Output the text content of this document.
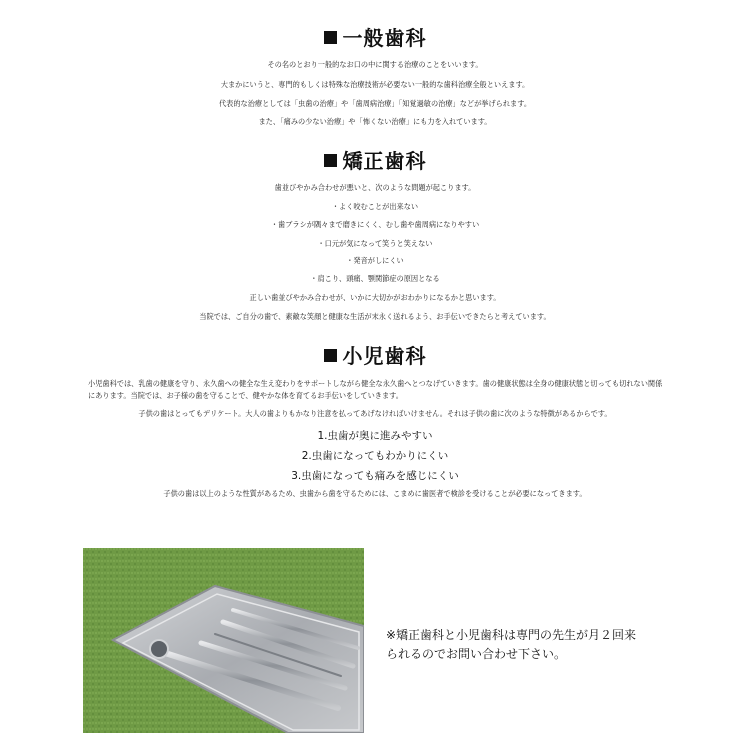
一般歯科
その名のとおり一般的なお口の中に関する治療のことをいいます。
大まかにいうと、専門的もしくは特殊な治療技術が必要ない一般的な歯科治療全般といえます。
代表的な治療としては「虫歯の治療」や「歯周病治療」「知覚過敏の治療」などが挙げられます。
また、「痛みの少ない治療」や「怖くない治療」にも力を入れています。
矯正歯科
歯並びやかみ合わせが悪いと、次のような問題が起こります。
・よく咬むことが出来ない
・歯ブラシが隅々まで磨きにくく、むし歯や歯周病になりやすい
・口元が気になって笑うと笑えない
・発音がしにくい
・肩こり、頭痛、顎関節症の原因となる
正しい歯並びやかみ合わせが、いかに大切かがおわかりになるかと思います。
当院では、ご自分の歯で、素敵な笑顔と健康な生活が末永く送れるよう、お手伝いできたらと考えています。
小児歯科
小児歯科では、乳歯の健康を守り、永久歯への健全な生え変わりをサポートしながら健全な永久歯へとつなげていきます。歯の健康状態は全身の健康状態と切っても切れない関係にあります。当院では、お子様の歯を守ることで、健やかな体を育てるお手伝いをしていきます。
子供の歯はとってもデリケート。大人の歯よりもかなり注意を払ってあげなければいけません。それは子供の歯に次のような特徴があるからです。
1.虫歯が奥に進みやすい
2.虫歯になってもわかりにくい
3.虫歯になっても痛みを感じにくい
子供の歯は以上のような性質があるため、虫歯から歯を守るためには、こまめに歯医者で検診を受けることが必要になってきます。
※矯正歯科と小児歯科は専門の先生が月２回来
られるのでお問い合わせ下さい。
